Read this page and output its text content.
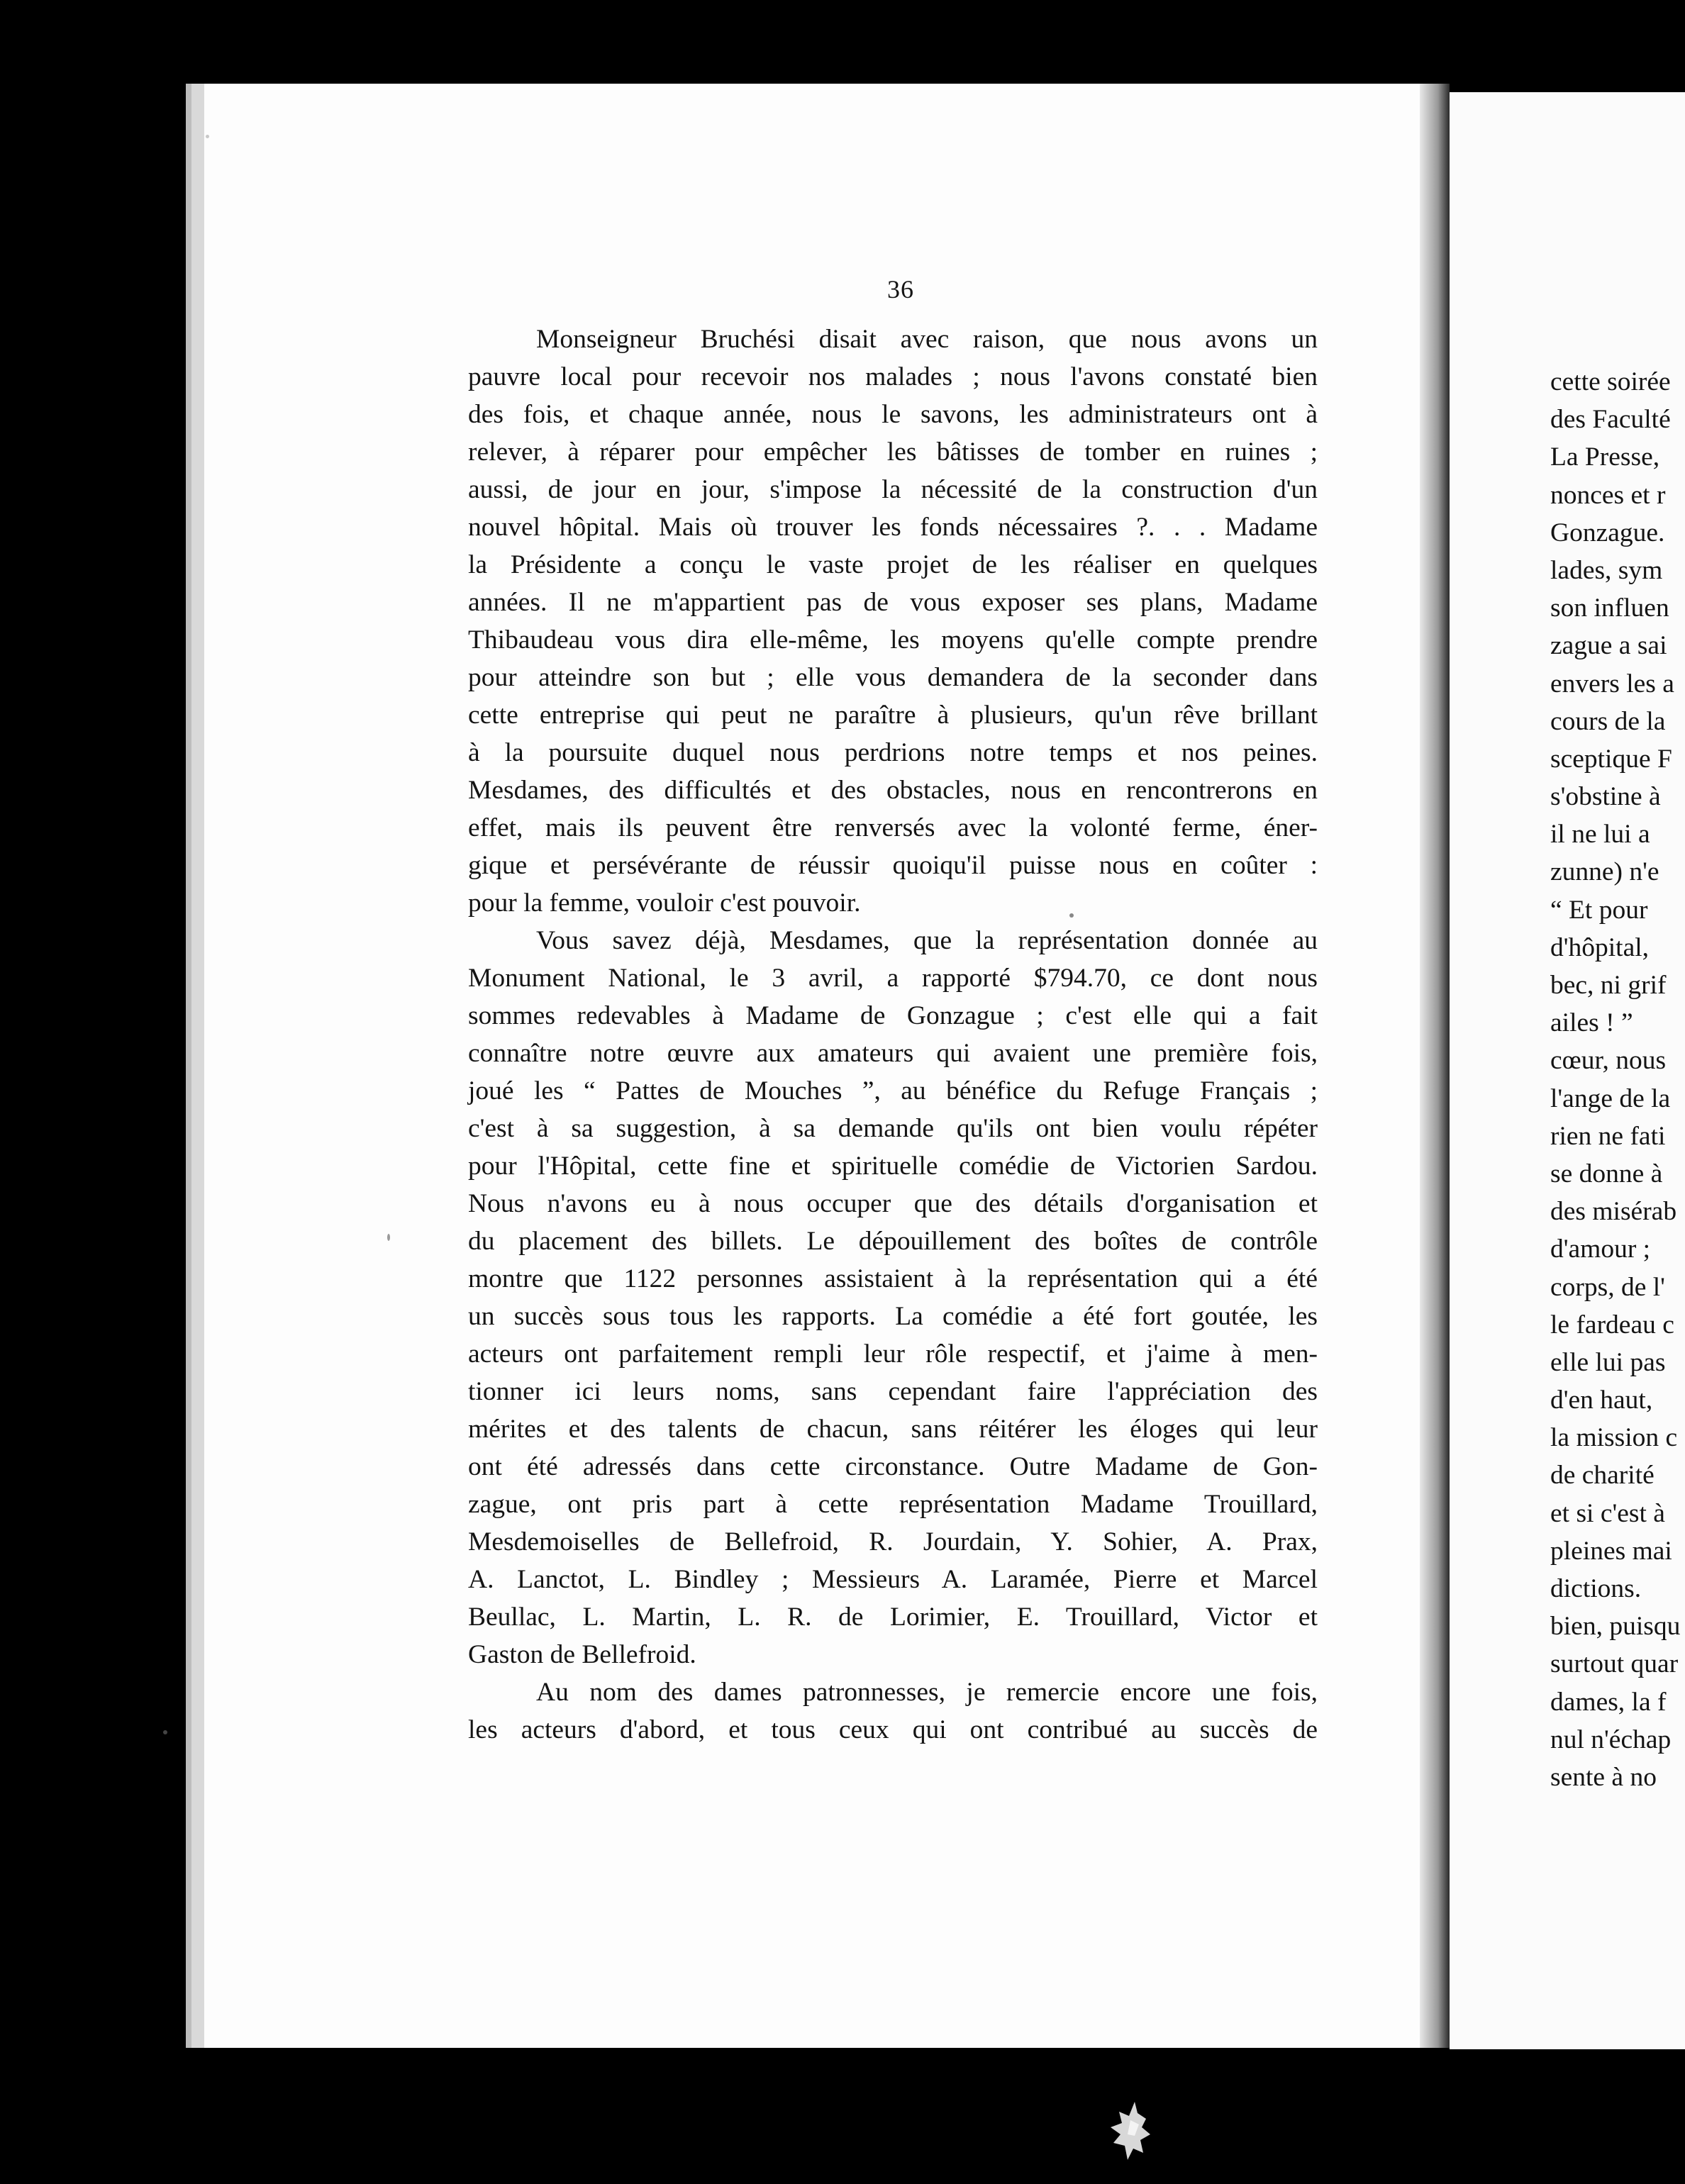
36
Monseigneur Bruchési disait avec raison, que nous avons un
pauvre local pour recevoir nos malades ; nous l'avons constaté bien
des fois, et chaque année, nous le savons, les administrateurs ont à
relever, à réparer pour empêcher les bâtisses de tomber en ruines ;
aussi, de jour en jour, s'impose la nécessité de la construction d'un
nouvel hôpital. Mais où trouver les fonds nécessaires ?. . . Madame
la Présidente a conçu le vaste projet de les réaliser en quelques
années. Il ne m'appartient pas de vous exposer ses plans, Madame
Thibaudeau vous dira elle-même, les moyens qu'elle compte prendre
pour atteindre son but ; elle vous demandera de la seconder dans
cette entreprise qui peut ne paraître à plusieurs, qu'un rêve brillant
à la poursuite duquel nous perdrions notre temps et nos peines.
Mesdames, des difficultés et des obstacles, nous en rencontrerons en
effet, mais ils peuvent être renversés avec la volonté ferme, éner-
gique et persévérante de réussir quoiqu'il puisse nous en coûter :
pour la femme, vouloir c'est pouvoir.
Vous savez déjà, Mesdames, que la représentation donnée au
Monument National, le 3 avril, a rapporté $794.70, ce dont nous
sommes redevables à Madame de Gonzague ; c'est elle qui a fait
connaître notre œuvre aux amateurs qui avaient une première fois,
joué les “ Pattes de Mouches ”, au bénéfice du Refuge Français ;
c'est à sa suggestion, à sa demande qu'ils ont bien voulu répéter
pour l'Hôpital, cette fine et spirituelle comédie de Victorien Sardou.
Nous n'avons eu à nous occuper que des détails d'organisation et
du placement des billets. Le dépouillement des boîtes de contrôle
montre que 1122 personnes assistaient à la représentation qui a été
un succès sous tous les rapports. La comédie a été fort goutée, les
acteurs ont parfaitement rempli leur rôle respectif, et j'aime à men-
tionner ici leurs noms, sans cependant faire l'appréciation des
mérites et des talents de chacun, sans réitérer les éloges qui leur
ont été adressés dans cette circonstance. Outre Madame de Gon-
zague, ont pris part à cette représentation Madame Trouillard,
Mesdemoiselles de Bellefroid, R. Jourdain, Y. Sohier, A. Prax,
A. Lanctot, L. Bindley ; Messieurs A. Laramée, Pierre et Marcel
Beullac, L. Martin, L. R. de Lorimier, E. Trouillard, Victor et
Gaston de Bellefroid.
Au nom des dames patronnesses, je remercie encore une fois,
les acteurs d'abord, et tous ceux qui ont contribué au succès de
cette soirée
des Faculté
La Presse,
nonces et r
Gonzague.
lades, sym
son influen
zague a sai
envers les a
cours de la
sceptique F
s'obstine à
il ne lui a
zunne) n'e
“ Et pour
d'hôpital,
bec, ni grif
ailes ! ”
cœur, nous
l'ange de la
rien ne fati
se donne à
des misérab
d'amour ;
corps, de l'
le fardeau c
elle lui pas
d'en haut,
la mission c
de charité
et si c'est à
pleines mai
dictions.
bien, puisqu
surtout quar
dames, la f
nul n'échap
sente à no
